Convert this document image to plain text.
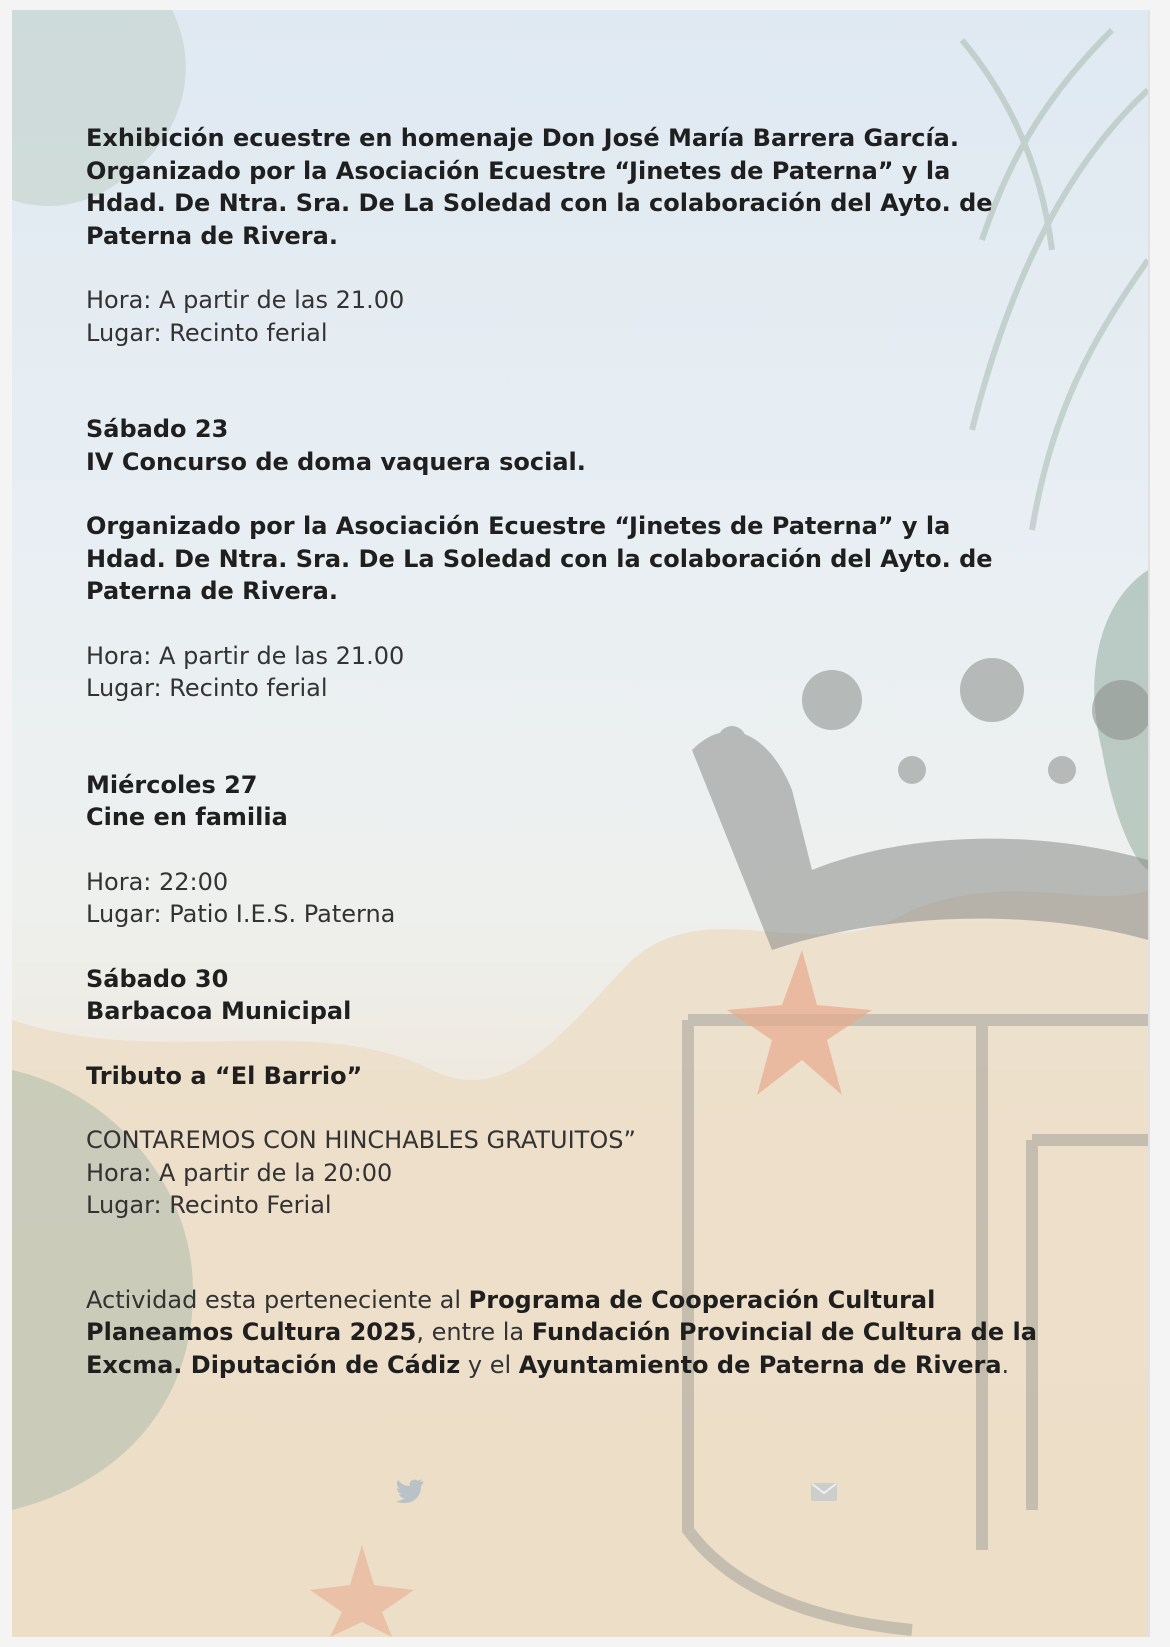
Exhibición ecuestre en homenaje Don José María Barrera García.
Organizado por la Asociación Ecuestre “Jinetes de Paterna” y la
Hdad. De Ntra. Sra. De La Soledad con la colaboración del Ayto. de
Paterna de Rivera.
Hora: A partir de las 21.00
Lugar: Recinto ferial
Sábado 23
IV Concurso de doma vaquera social.
Organizado por la Asociación Ecuestre “Jinetes de Paterna” y la
Hdad. De Ntra. Sra. De La Soledad con la colaboración del Ayto. de
Paterna de Rivera.
Hora: A partir de las 21.00
Lugar: Recinto ferial
Miércoles 27
Cine en familia
Hora: 22:00
Lugar: Patio I.E.S. Paterna
Sábado 30
Barbacoa Municipal
Tributo a “El Barrio”
CONTAREMOS CON HINCHABLES GRATUITOS”
Hora: A partir de la 20:00
Lugar: Recinto Ferial
Actividad esta perteneciente al Programa de Cooperación Cultural Planeamos Cultura 2025, entre la Fundación Provincial de Cultura de la Excma. Diputación de Cádiz y el Ayuntamiento de Paterna de Rivera.
